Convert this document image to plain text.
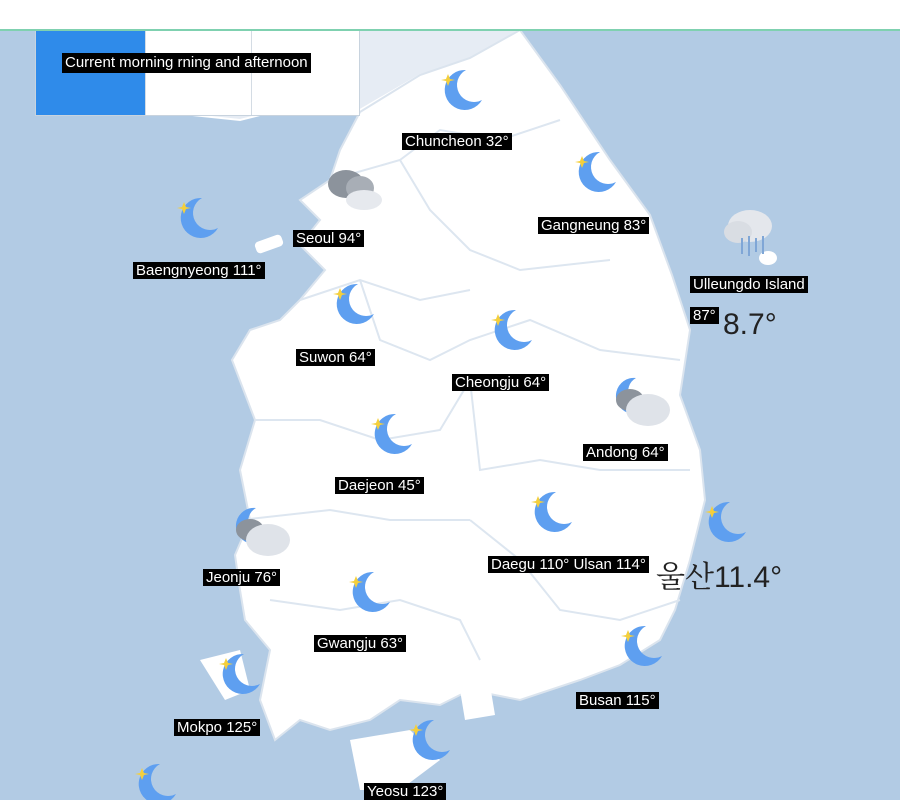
Current morning rning and afternoon
Chuncheon 32°
Gangneung 83°
Seoul 94°
Baengnyeong 111°
Ulleungdo Island
87° 8.7°
Suwon 64°
Cheongju 64°
Andong 64°
Daejeon 45°
Jeonju 76°
Daegu 110° Ulsan 114° 울산11.4°
Gwangju 63°
Busan 115°
Mokpo 125°
Yeosu 123°
